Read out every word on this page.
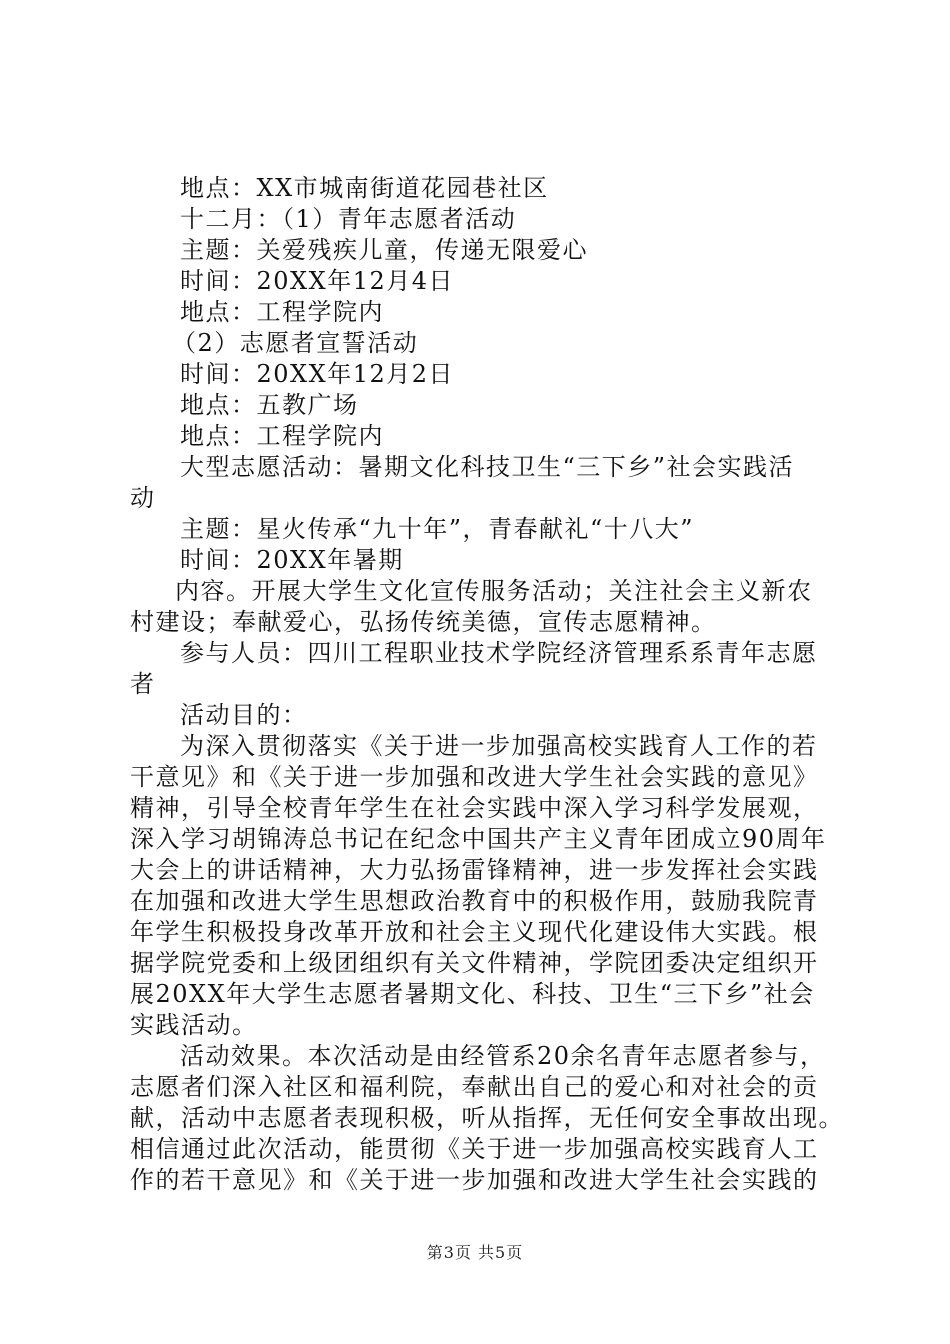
地点：XX市城南街道花园巷社区
十二月：（1）青年志愿者活动
主题：关爱残疾儿童，传递无限爱心
时间：20XX年12月4日
地点：工程学院内
（2）志愿者宣誓活动
时间：20XX年12月2日
地点：五教广场
地点：工程学院内
大型志愿活动：暑期文化科技卫生“三下乡”社会实践活
动
主题：星火传承“九十年”，青春献礼“十八大”
时间：20XX年暑期
内容。开展大学生文化宣传服务活动；关注社会主义新农
村建设；奉献爱心，弘扬传统美德，宣传志愿精神。
参与人员：四川工程职业技术学院经济管理系系青年志愿
者
活动目的：
为深入贯彻落实《关于进一步加强高校实践育人工作的若
干意见》和《关于进一步加强和改进大学生社会实践的意见》
精神，引导全校青年学生在社会实践中深入学习科学发展观，
深入学习胡锦涛总书记在纪念中国共产主义青年团成立90周年
大会上的讲话精神，大力弘扬雷锋精神，进一步发挥社会实践
在加强和改进大学生思想政治教育中的积极作用，鼓励我院青
年学生积极投身改革开放和社会主义现代化建设伟大实践。根
据学院党委和上级团组织有关文件精神，学院团委决定组织开
展20XX年大学生志愿者暑期文化、科技、卫生“三下乡”社会
实践活动。
活动效果。本次活动是由经管系20余名青年志愿者参与，
志愿者们深入社区和福利院，奉献出自己的爱心和对社会的贡
献，活动中志愿者表现积极，听从指挥，无任何安全事故出现。
相信通过此次活动，能贯彻《关于进一步加强高校实践育人工
作的若干意见》和《关于进一步加强和改进大学生社会实践的
第3页 共5页
